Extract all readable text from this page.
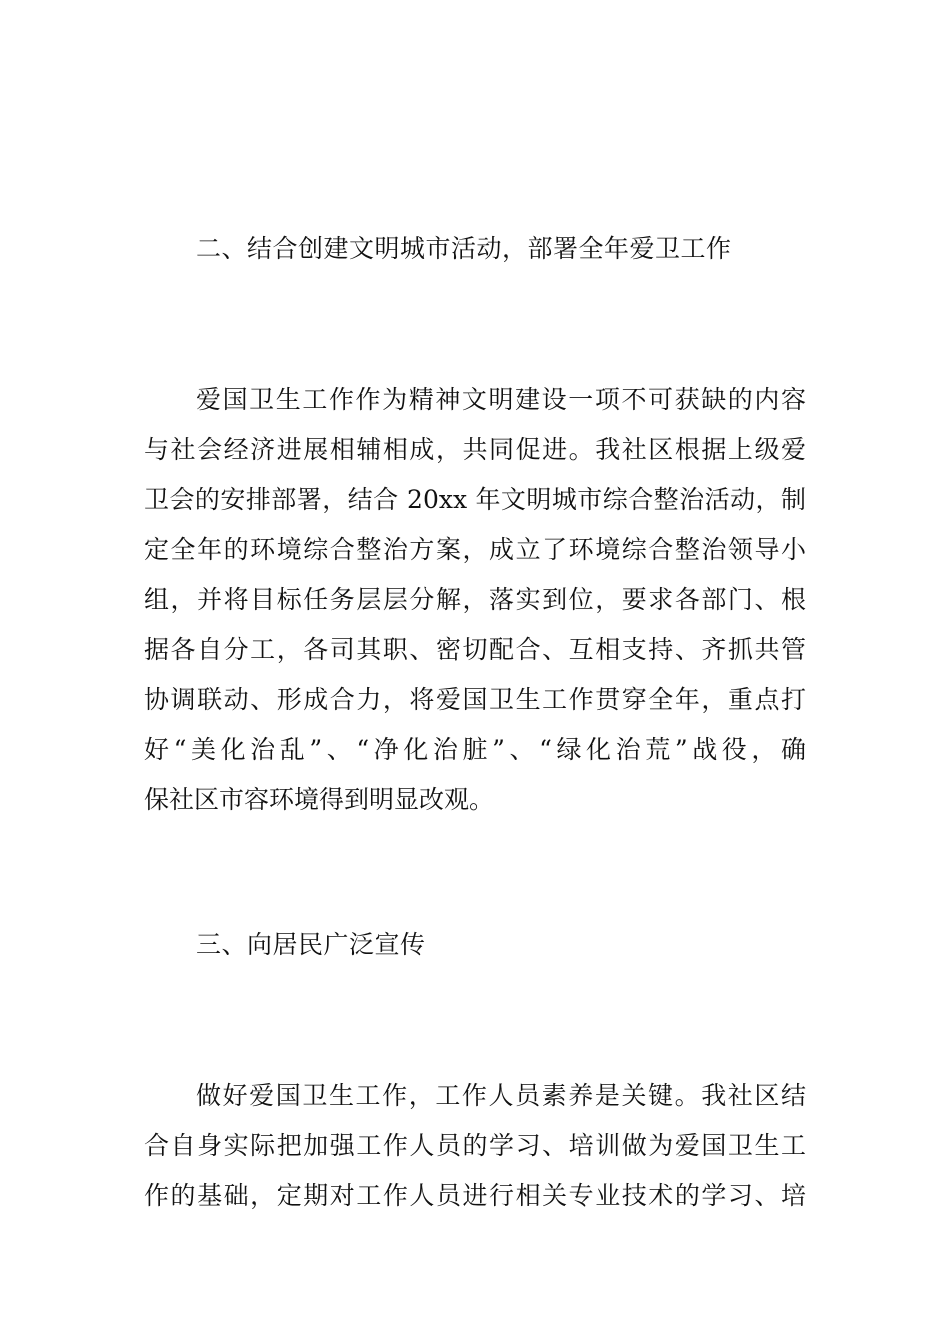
二、结合创建文明城市活动，部署全年爱卫工作
爱国卫生工作作为精神文明建设一项不可获缺的内容
与社会经济进展相辅相成，共同促进。我社区根据上级爱
卫会的安排部署，结合 20xx 年文明城市综合整治活动，制
定全年的环境综合整治方案，成立了环境综合整治领导小
组，并将目标任务层层分解，落实到位，要求各部门、根
据各自分工，各司其职、密切配合、互相支持、齐抓共管
协调联动、形成合力，将爱国卫生工作贯穿全年，重点打
好“美化治乱”、“净化治脏”、“绿化治荒”战役，确
保社区市容环境得到明显改观。
三、向居民广泛宣传
做好爱国卫生工作，工作人员素养是关键。我社区结
合自身实际把加强工作人员的学习、培训做为爱国卫生工
作的基础，定期对工作人员进行相关专业技术的学习、培
